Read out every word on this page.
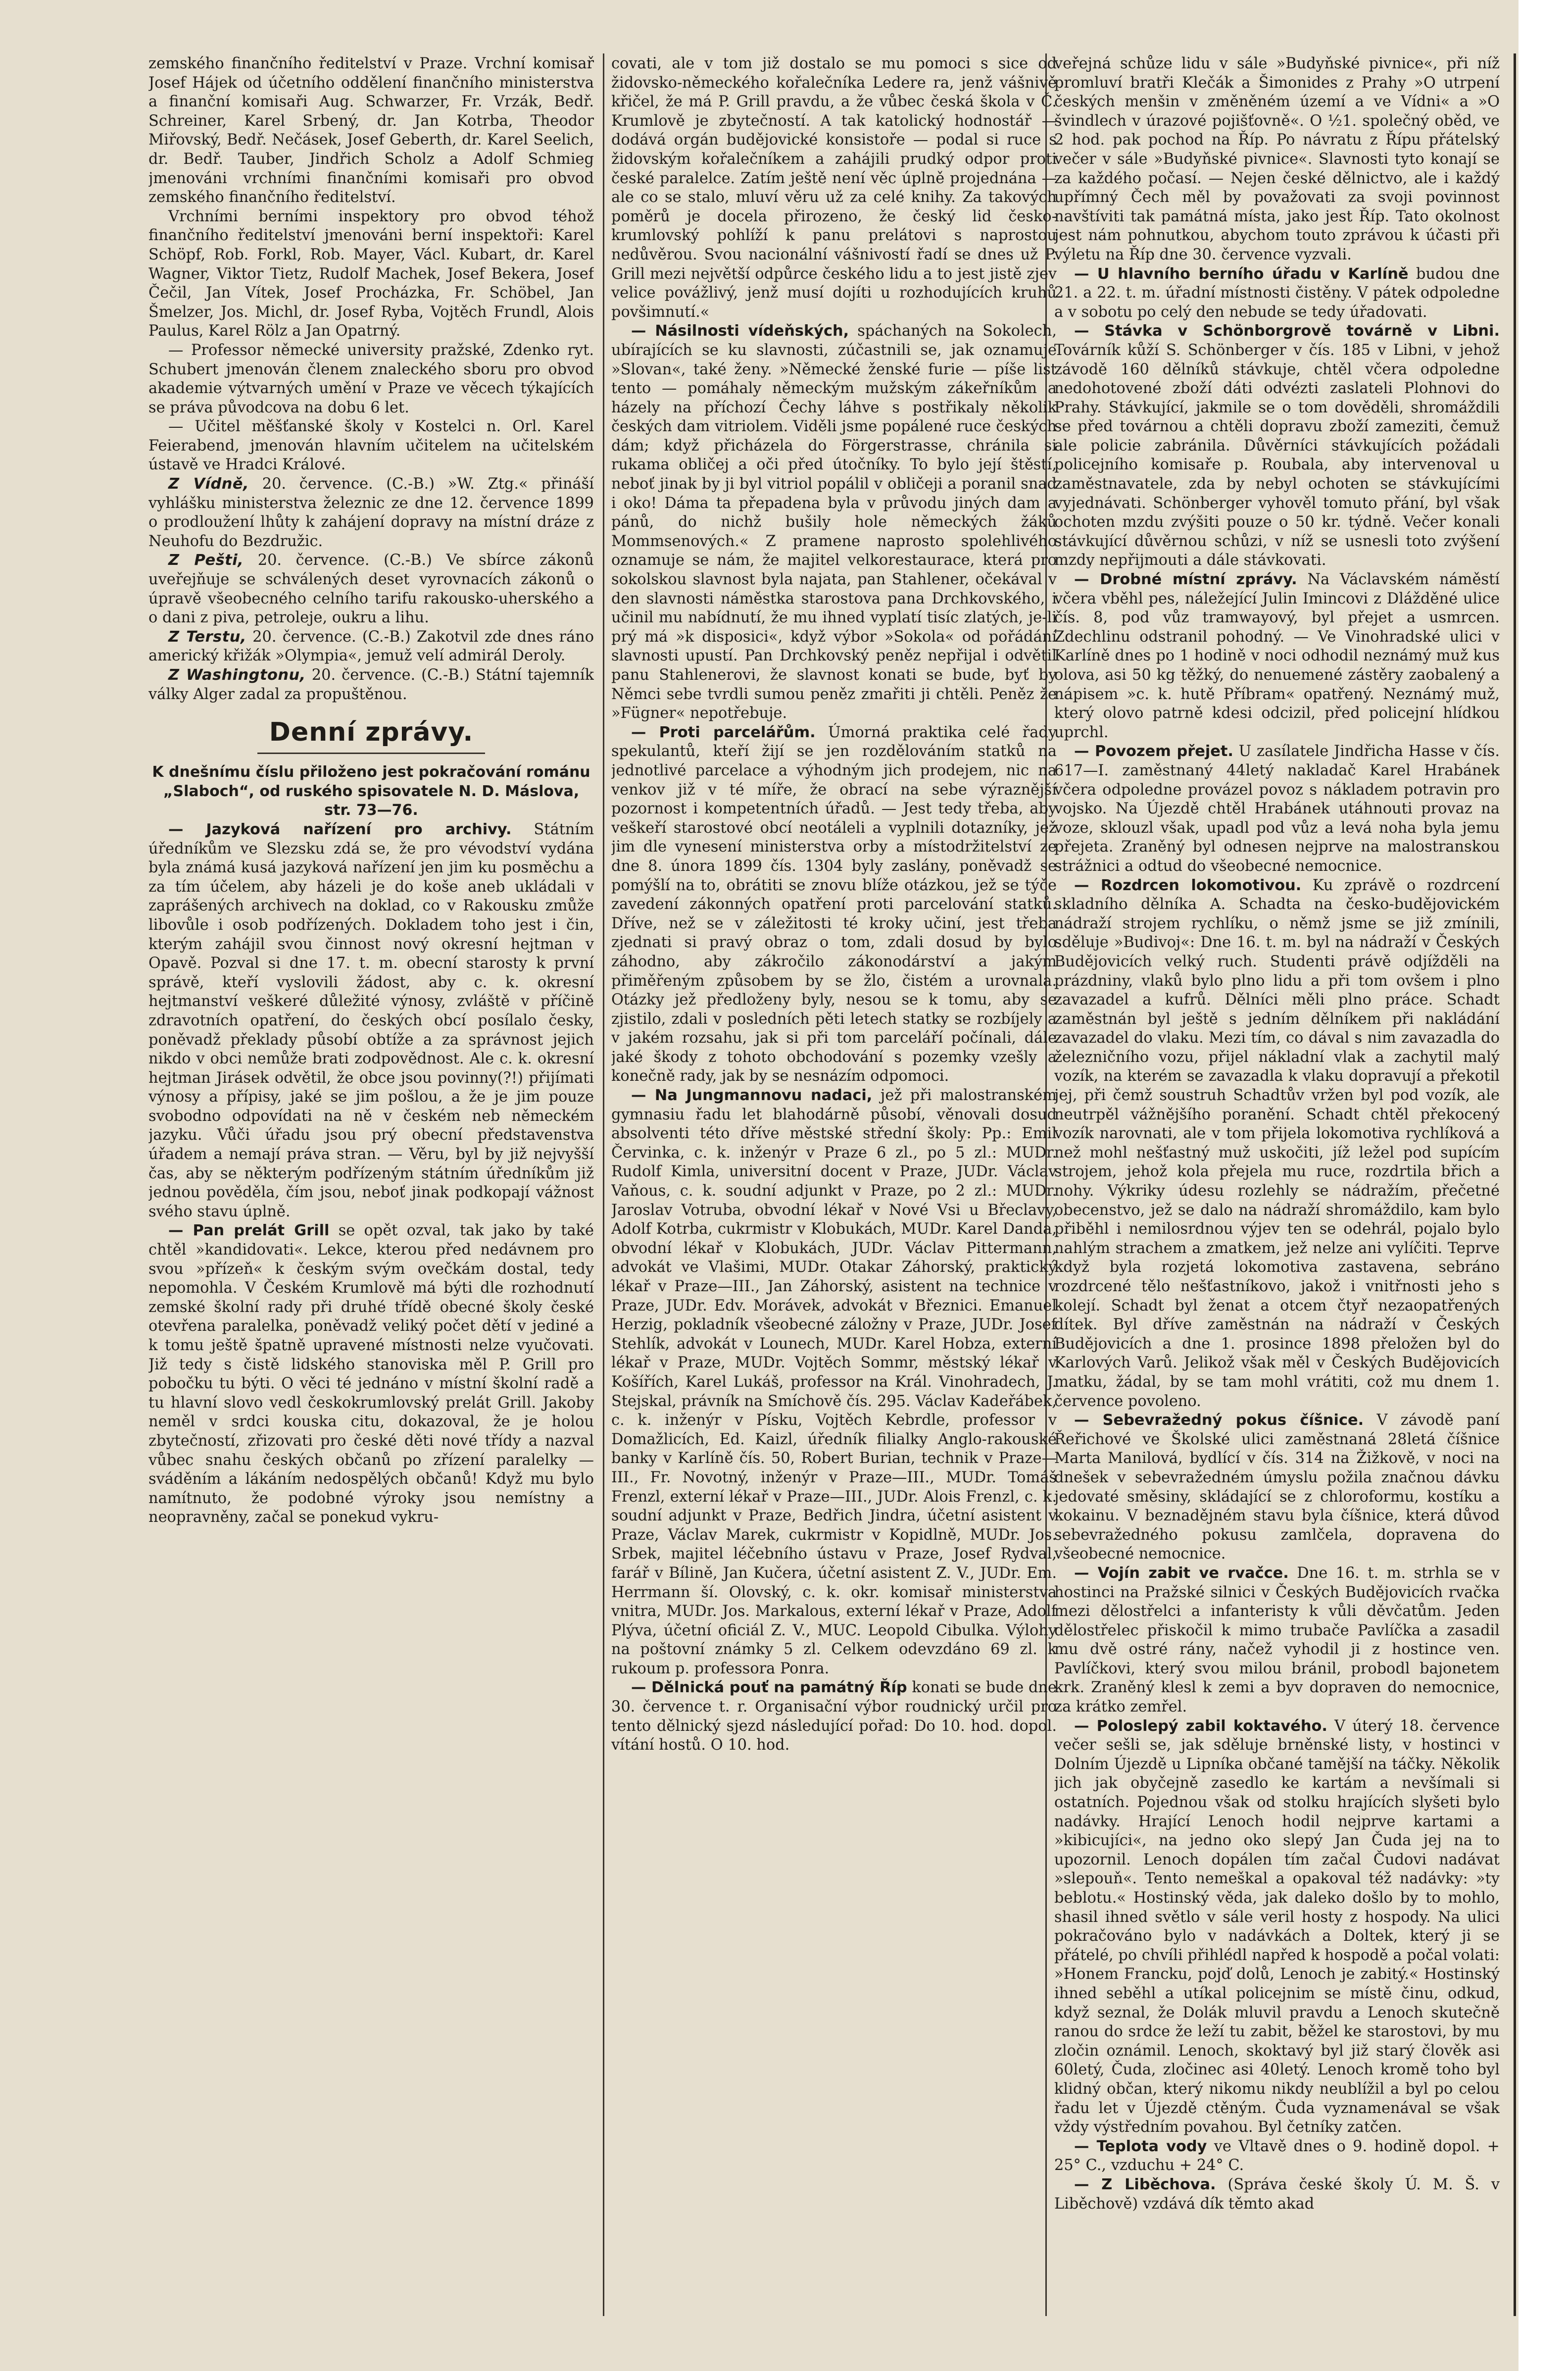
zemského finančního ředitelství v Praze. Vrchní komisař Josef Hájek od účetního oddělení finančního ministerstva a finanční komisaři Aug. Schwarzer, Fr. Vrzák, Bedř. Schreiner, Karel Srbený, dr. Jan Kotrba, Theodor Miřovský, Bedř. Nečásek, Josef Geberth, dr. Karel Seelich, dr. Bedř. Tauber, Jindřich Scholz a Adolf Schmieg jmenováni vrchními finančními komisaři pro obvod zemského finančního ředitelství.

Vrchními berními inspektory pro obvod téhož finančního ředitelství jmenováni berní inspektoři: Karel Schöpf, Rob. Forkl, Rob. Mayer, Václ. Kubart, dr. Karel Wagner, Viktor Tietz, Rudolf Machek, Josef Bekera, Josef Čečil, Jan Vítek, Josef Procházka, Fr. Schöbel, Jan Šmelzer, Jos. Michl, dr. Josef Ryba, Vojtěch Frundl, Alois Paulus, Karel Rölz a Jan Opatrný.

— Professor německé university pražské, Zdenko ryt. Schubert jmenován členem znaleckého sboru pro obvod akademie výtvarných umění v Praze ve věcech týkajících se práva původcova na dobu 6 let.

— Učitel měšťanské školy v Kostelci n. Orl. Karel Feierabend, jmenován hlavním učitelem na učitelském ústavě ve Hradci Králové.

Z Vídně, 20. července. (C.-B.) »W. Ztg.« přináší vyhlášku ministerstva železnic ze dne 12. července 1899 o prodloužení lhůty k zahájení dopravy na místní dráze z Neuhofu do Bezdružic.

Z Pešti, 20. července. (C.-B.) Ve sbírce zákonů uveřejňuje se schválených deset vyrovnacích zákonů o úpravě všeobecného celního tarifu rakousko-uherského a o dani z piva, petroleje, oukru a lihu.

Z Terstu, 20. července. (C.-B.) Zakotvil zde dnes ráno americký křižák »Olympia«, jemuž velí admirál Deroly.

Z Washingtonu, 20. července. (C.-B.) Státní tajemník války Alger zadal za propuštěnou.

Denní zprávy.

K dnešnímu číslu přiloženo jest pokračování románu „Slaboch“, od ruského spisovatele N. D. Máslova, str. 73—76.

— Jazyková nařízení pro archivy. Státním úředníkům ve Slezsku zdá se, že pro vévodství vydána byla známá kusá jazyková nařízení jen jim ku posměchu a za tím účelem, aby házeli je do koše aneb ukládali v zaprášených archivech na doklad, co v Rakousku zmůže libovůle i osob podřízených. Dokladem toho jest i čin, kterým zahájil svou činnost nový okresní hejtman v Opavě. Pozval si dne 17. t. m. obecní starosty k první správě, kteří vyslovili žádost, aby c. k. okresní hejtmanství veškeré důležité výnosy, zvláště v příčině zdravotních opatření, do českých obcí posílalo česky, poněvadž překlady působí obtíže a za správnost jejich nikdo v obci nemůže brati zodpovědnost. Ale c. k. okresní hejtman Jirásek odvětil, že obce jsou povinny(?!) přijímati výnosy a přípisy, jaké se jim pošlou, a že je jim pouze svobodno odpovídati na ně v českém neb německém jazyku. Vůči úřadu jsou prý obecní představenstva úřadem a nemají práva stran. — Věru, byl by již nejvyšší čas, aby se některým podřízeným státním úředníkům již jednou pověděla, čím jsou, neboť jinak podkopají vážnost svého stavu úplně.

— Pan prelát Grill se opět ozval, tak jako by také chtěl »kandidovati«. Lekce, kterou před nedávnem pro svou »přízeň« k českým svým ovečkám dostal, tedy nepomohla. V Českém Krumlově má býti dle rozhodnutí zemské školní rady při druhé třídě obecné školy české otevřena paralelka, poněvadž veliký počet dětí v jediné a k tomu ještě špatně upravené místnosti nelze vyučovati. Již tedy s čistě lidského stanoviska měl P. Grill pro pobočku tu býti. O věci té jednáno v místní školní radě a tu hlavní slovo vedl českokrumlovský prelát Grill. Jakoby neměl v srdci kouska citu, dokazoval, že je holou zbytečností, zřizovati pro české děti nové třídy a nazval vůbec snahu českých občanů po zřízení paralelky — sváděním a lákáním nedospělých občanů! Když mu bylo namítnuto, že podobné výroky jsou nemístny a neopravněny, začal se ponekud vykru-

covati, ale v tom již dostalo se mu pomoci s sice od židovsko-německého kořalečníka Ledere ra, jenž vášnivě křičel, že má P. Grill pravdu, a že vůbec česká škola v Č. Krumlově je zbytečností. A tak katolický hodnostář — dodává orgán budějovické konsistoře — podal si ruce s židovským kořalečníkem a zahájili prudký odpor proti české paralelce. Zatím ještě není věc úplně projednána — ale co se stalo, mluví věru už za celé knihy. Za takových poměrů je docela přirozeno, že český lid česko-krumlovský pohlíží k panu prelátovi s naprostou nedůvěrou. Svou nacionální vášnivostí řadí se dnes už P. Grill mezi největší odpůrce českého lidu a to jest jistě zjev velice povážlivý, jenž musí dojíti u rozhodujících kruhů povšimnutí.«

— Násilnosti vídeňských, spáchaných na Sokolech, ubírajících se ku slavnosti, zúčastnili se, jak oznamuje »Slovan«, také ženy. »Německé ženské furie — píše list tento — pomáhaly německým mužským zákeřníkům a házely na příchozí Čechy láhve s postřikaly několik českých dam vitriolem. Viděli jsme popálené ruce českých dám; když přicházela do Förgerstrasse, chránila si rukama obličej a oči před útočníky. To bylo její štěstí, neboť jinak by ji byl vitriol popálil v obličeji a poranil snad i oko! Dáma ta přepadena byla v průvodu jiných dam a pánů, do nichž bušily hole německých žáků Mommsenových.« Z pramene naprosto spolehlivého oznamuje se nám, že majitel velkorestaurace, která pro sokolskou slavnost byla najata, pan Stahlener, očekával v den slavnosti náměstka starostova pana Drchkovského, i učinil mu nabídnutí, že mu ihned vyplatí tisíc zlatých, je-li prý má »k disposici«, když výbor »Sokola« od pořádání slavnosti upustí. Pan Drchkovský peněz nepřijal i odvětil panu Stahlenerovi, že slavnost konati se bude, byť by Němci sebe tvrdli sumou peněz zmařiti ji chtěli. Peněz že »Fügner« nepotřebuje.

— Proti parcelářům. Úmorná praktika celé řady spekulantů, kteří žijí se jen rozdělováním statků na jednotlivé parcelace a výhodným jich prodejem, nic na venkov již v té míře, že obrací na sebe výraznější pozornost i kompetentních úřadů. — Jest tedy třeba, aby veškeří starostové obcí neotáleli a vyplnili dotazníky, jež jim dle vynesení ministerstva orby a místodržitelství ze dne 8. února 1899 čís. 1304 byly zaslány, poněvadž se pomýšlí na to, obrátiti se znovu blíže otázkou, jež se týče zavedení zákonných opatření proti parcelování statků. Dříve, než se v záležitosti té kroky učiní, jest třeba zjednati si pravý obraz o tom, zdali dosud by bylo záhodno, aby zákročilo zákonodárství a jakým přiměřeným způsobem by se žlo, čistém a urovnala. Otázky jež předloženy byly, nesou se k tomu, aby se zjistilo, zdali v posledních pěti letech statky se rozbíjely a v jakém rozsahu, jak si při tom parceláří počínali, dále jaké škody z tohoto obchodování s pozemky vzešly a konečně rady, jak by se nesnázím odpomoci.

— Na Jungmannovu nadaci, jež při malostranském gymnasiu řadu let blahodárně působí, věnovali dosud absolventi této dříve městské střední školy: Pp.: Emil Červinka, c. k. inženýr v Praze 6 zl., po 5 zl.: MUDr. Rudolf Kimla, universitní docent v Praze, JUDr. Václav Vaňous, c. k. soudní adjunkt v Praze, po 2 zl.: MUDr. Jaroslav Votruba, obvodní lékař v Nové Vsi u Břeclavy, Adolf Kotrba, cukrmistr v Klobukách, MUDr. Karel Danda, obvodní lékař v Klobukách, JUDr. Václav Pittermann, advokát ve Vlašimi, MUDr. Otakar Záhorský, praktický lékař v Praze—III., Jan Záhorský, asistent na technice v Praze, JUDr. Edv. Morávek, advokát v Březnici. Emanuel Herzig, pokladník všeobecné záložny v Praze, JUDr. Josef Stehlík, advokát v Lounech, MUDr. Karel Hobza, externí lékař v Praze, MUDr. Vojtěch Sommr, městský lékař v Košířích, Karel Lukáš, professor na Král. Vinohradech, J. Stejskal, právník na Smíchově čís. 295. Václav Kadeřábek, c. k. inženýr v Písku, Vojtěch Kebrdle, professor v Domažlicích, Ed. Kaizl, úředník filialky Anglo-rakouské banky v Karlíně čís. 50, Robert Burian, technik v Praze—III., Fr. Novotný, inženýr v Praze—III., MUDr. Tomáš Frenzl, externí lékař v Praze—III., JUDr. Alois Frenzl, c. k. soudní adjunkt v Praze, Bedřich Jindra, účetní asistent v Praze, Václav Marek, cukrmistr v Kopidlně, MUDr. Jos. Srbek, majitel léčebního ústavu v Praze, Josef Rydval, farář v Bílině, Jan Kučera, účetní asistent Z. V., JUDr. Em. Herrmann ší. Olovský, c. k. okr. komisař ministerstva vnitra, MUDr. Jos. Markalous, externí lékař v Praze, Adolf Plýva, účetní oficiál Z. V., MUC. Leopold Cibulka. Výlohy na poštovní známky 5 zl. Celkem odevzdáno 69 zl. k rukoum p. professora Ponra.

— Dělnická pouť na památný Říp konati se bude dne 30. července t. r. Organisační výbor roudnický určil pro tento dělnický sjezd následující pořad: Do 10. hod. dopol. vítání hostů. O 10. hod.

veřejná schůze lidu v sále »Budyňské pivnice«, při níž promluví bratři Klečák a Šimonides z Prahy »O utrpení českých menšin v změněném území a ve Vídni« a »O švindlech v úrazové pojišťovně«. O ½1. společný oběd, ve 2 hod. pak pochod na Říp. Po návratu z Řípu přátelský večer v sále »Budyňské pivnice«. Slavnosti tyto konají se za každého počasí. — Nejen české dělnictvo, ale i každý upřímný Čech měl by považovati za svoji povinnost navštíviti tak památná místa, jako jest Říp. Tato okolnost jest nám pohnutkou, abychom touto zprávou k účasti při výletu na Říp dne 30. července vyzvali.

— U hlavního berního úřadu v Karlíně budou dne 21. a 22. t. m. úřadní místnosti čistěny. V pátek odpoledne a v sobotu po celý den nebude se tedy úřadovati.

— Stávka v Schönborgrově továrně v Libni. Továrník kůží S. Schönberger v čís. 185 v Libni, v jehož závodě 160 dělníků stávkuje, chtěl včera odpoledne nedohotovené zboží dáti odvézti zaslateli Plohnovi do Prahy. Stávkující, jakmile se o tom dověděli, shromáždili se před továrnou a chtěli dopravu zboží zameziti, čemuž ale policie zabránila. Důvěrníci stávkujících požádali policejního komisaře p. Roubala, aby intervenoval u zaměstnavatele, zda by nebyl ochoten se stávkujícími vyjednávati. Schönberger vyhověl tomuto přání, byl však ochoten mzdu zvýšiti pouze o 50 kr. týdně. Večer konali stávkující důvěrnou schůzi, v níž se usnesli toto zvýšení mzdy nepřijmouti a dále stávkovati.

— Drobné místní zprávy. Na Václavském náměstí včera vběhl pes, náležející Julin Imincovi z Dlážděné ulice čís. 8, pod vůz tramwayový, byl přejet a usmrcen. Zdechlinu odstranil pohodný. — Ve Vinohradské ulici v Karlíně dnes po 1 hodině v noci odhodil neznámý muž kus olova, asi 50 kg těžký, do nenuemené zástěry zaobalený a nápisem »c. k. hutě Příbram« opatřený. Neznámý muž, který olovo patrně kdesi odcizil, před policejní hlídkou uprchl.

— Povozem přejet. U zasílatele Jindřicha Hasse v čís. 617—I. zaměstnaný 44letý nakladač Karel Hrabánek včera odpoledne provázel povoz s nákladem potravin pro vojsko. Na Újezdě chtěl Hrabánek utáhnouti provaz na voze, sklouzl však, upadl pod vůz a levá noha byla jemu přejeta. Zraněný byl odnesen nejprve na malostranskou strážnici a odtud do všeobecné nemocnice.

— Rozdrcen lokomotivou. Ku zprávě o rozdrcení skladního dělníka A. Schadta na česko-budějovickém nádraží strojem rychlíku, o němž jsme se již zmínili, sděluje »Budivoj«: Dne 16. t. m. byl na nádraží v Českých Budějovicích velký ruch. Studenti právě odjížděli na prázdniny, vlaků bylo plno lidu a při tom ovšem i plno zavazadel a kufrů. Dělníci měli plno práce. Schadt zaměstnán byl ještě s jedním dělníkem při nakládání zavazadel do vlaku. Mezi tím, co dával s nim zavazadla do železničního vozu, přijel nákladní vlak a zachytil malý vozík, na kterém se zavazadla k vlaku dopravují a překotil jej, při čemž soustruh Schadtův vržen byl pod vozík, ale neutrpěl vážnějšího poranění. Schadt chtěl překocený vozík narovnati, ale v tom přijela lokomotiva rychlíková a než mohl nešťastný muž uskočiti, jíž ležel pod supícím strojem, jehož kola přejela mu ruce, rozdrtila břich a nohy. Výkriky údesu rozlehly se nádražím, přečetné obecenstvo, jež se dalo na nádraží shromáždilo, kam bylo přiběhl i nemilosrdnou výjev ten se odehrál, pojalo bylo nahlým strachem a zmatkem, jež nelze ani vylíčiti. Teprve když byla rozjetá lokomotiva zastavena, sebráno rozdrcené tělo nešťastníkovo, jakož i vnitřnosti jeho s kolejí. Schadt byl ženat a otcem čtyř nezaopatřených dítek. Byl dříve zaměstnán na nádraží v Českých Budějovicích a dne 1. prosince 1898 přeložen byl do Karlových Varů. Jelikož však měl v Českých Budějovicích matku, žádal, by se tam mohl vrátiti, což mu dnem 1. července povoleno.

— Sebevražedný pokus číšnice. V závodě paní Řeřichové ve Školské ulici zaměstnaná 28letá číšnice Marta Manilová, bydlící v čís. 314 na Žižkově, v noci na dnešek v sebevražedném úmyslu požila značnou dávku jedovaté směsiny, skládající se z chloroformu, kostíku a kokainu. V beznadějném stavu byla číšnice, která důvod sebevražedného pokusu zamlčela, dopravena do všeobecné nemocnice.

— Vojín zabit ve rvačce. Dne 16. t. m. strhla se v hostinci na Pražské silnici v Českých Budějovicích rvačka mezi dělostřelci a infanteristy k vůli děvčatům. Jeden dělostřelec přiskočil k mimo trubače Pavlíčka a zasadil mu dvě ostré rány, načež vyhodil ji z hostince ven. Pavlíčkovi, který svou milou bránil, probodl bajonetem krk. Zraněný klesl k zemi a byv dopraven do nemocnice, za krátko zemřel.

— Poloslepý zabil koktavého. V úterý 18. července večer sešli se, jak sděluje brněnské listy, v hostinci v Dolním Újezdě u Lipníka občané tamější na táčky. Několik jich jak obyčejně zasedlo ke kartám a nevšímali si ostatních. Pojednou však od stolku hrajících slyšeti bylo nadávky. Hrající Lenoch hodil nejprve kartami a »kibicujíci«, na jedno oko slepý Jan Čuda jej na to upozornil. Lenoch dopálen tím začal Čudovi nadávat »slepouň«. Tento nemeškal a opakoval též nadávky: »ty beblotu.« Hostinský věda, jak daleko došlo by to mohlo, shasil ihned světlo v sále veril hosty z hospody. Na ulici pokračováno bylo v nadávkách a Doltek, který ji se přátelé, po chvíli přihlédl napřed k hospodě a počal volati: »Honem Francku, pojď dolů, Lenoch je zabitý.« Hostinský ihned seběhl a utíkal policejnim se místě činu, odkud, když seznal, že Dolák mluvil pravdu a Lenoch skutečně ranou do srdce že leží tu zabit, běžel ke starostovi, by mu zločin oznámil. Lenoch, skoktavý byl již starý člověk asi 60letý, Čuda, zločinec asi 40letý. Lenoch kromě toho byl klidný občan, který nikomu nikdy neublížil a byl po celou řadu let v Újezdě ctěným. Čuda vyznamenával se však vždy výstředním povahou. Byl četníky zatčen.

— Teplota vody ve Vltavě dnes o 9. hodině dopol. + 25° C., vzduchu + 24° C.

— Z Liběchova. (Správa české školy Ú. M. Š. v Liběchově) vzdává dík těmto akad
